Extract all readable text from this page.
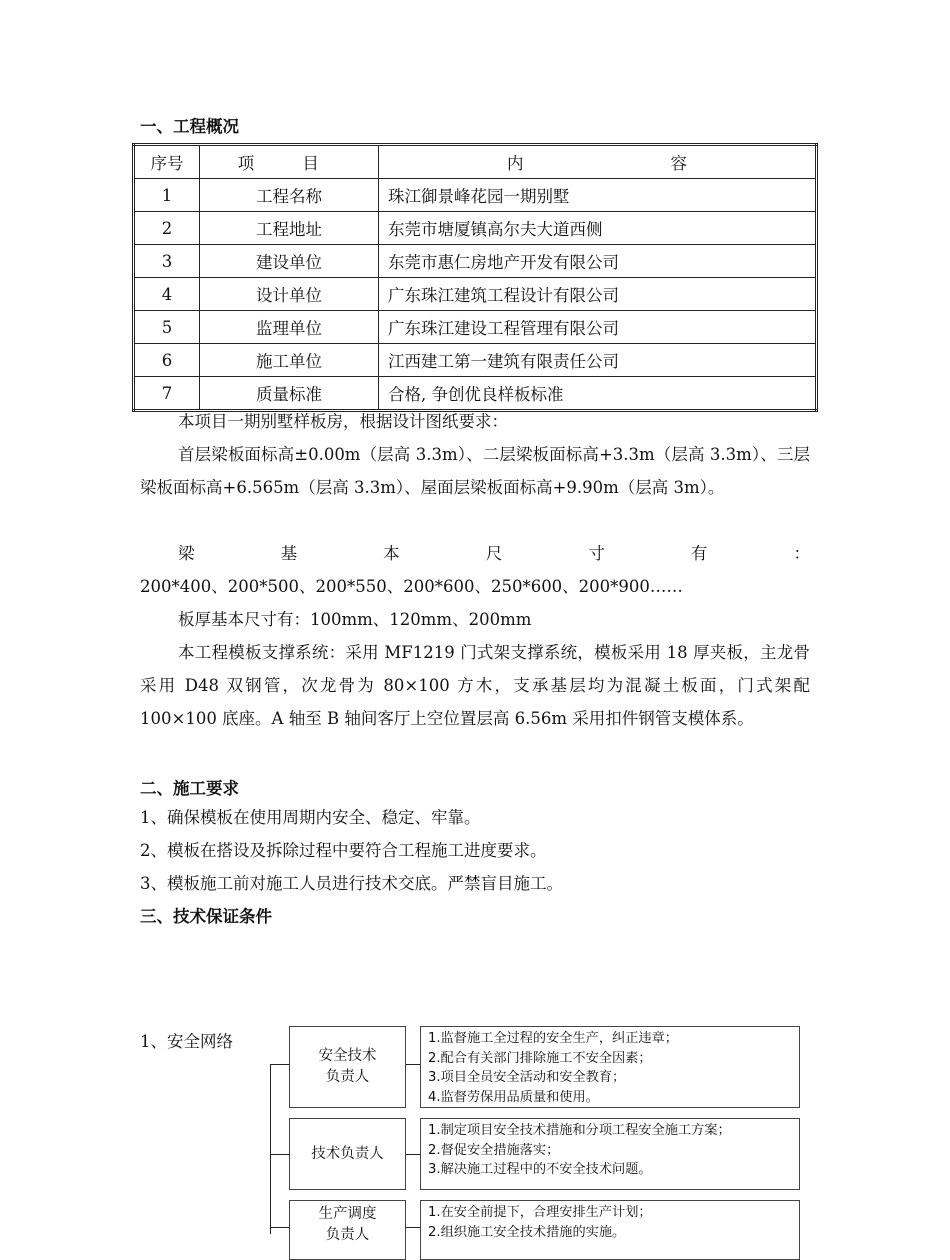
一、工程概况
序号	项 目	内 容
1	工程名称	珠江御景峰花园一期别墅
2	工程地址	东莞市塘厦镇高尔夫大道西侧
3	建设单位	东莞市惠仁房地产开发有限公司
4	设计单位	广东珠江建筑工程设计有限公司
5	监理单位	广东珠江建设工程管理有限公司
6	施工单位	江西建工第一建筑有限责任公司
7	质量标准	合格, 争创优良样板标准
本项目一期别墅样板房，根据设计图纸要求：
首层梁板面标高±0.00m（层高 3.3m）、二层梁板面标高+3.3m（层高 3.3m）、三层梁板面标高+6.565m（层高 3.3m）、屋面层梁板面标高+9.90m（层高 3m）。
梁基本尺寸有：
200*400、200*500、200*550、200*600、250*600、200*900……
板厚基本尺寸有：100mm、120mm、200mm
本工程模板支撑系统：采用 MF1219 门式架支撑系统，模板采用 18 厚夹板，主龙骨采用 D48 双钢管，次龙骨为 80×100 方木，支承基层均为混凝土板面，门式架配 100×100 底座。A 轴至 B 轴间客厅上空位置层高 6.56m 采用扣件钢管支模体系。
二、施工要求
1、确保模板在使用周期内安全、稳定、牢靠。
2、模板在搭设及拆除过程中要符合工程施工进度要求。
3、模板施工前对施工人员进行技术交底。严禁盲目施工。
三、技术保证条件
1、安全网络
安全技术
负责人
1.监督施工全过程的安全生产，纠正违章；
2.配合有关部门排除施工不安全因素；
3.项目全员安全活动和安全教育；
4.监督劳保用品质量和使用。
技术负责人
1.制定项目安全技术措施和分项工程安全施工方案；
2.督促安全措施落实；
3.解决施工过程中的不安全技术问题。
生产调度
负责人
1.在安全前提下，合理安排生产计划；
2.组织施工安全技术措施的实施。
